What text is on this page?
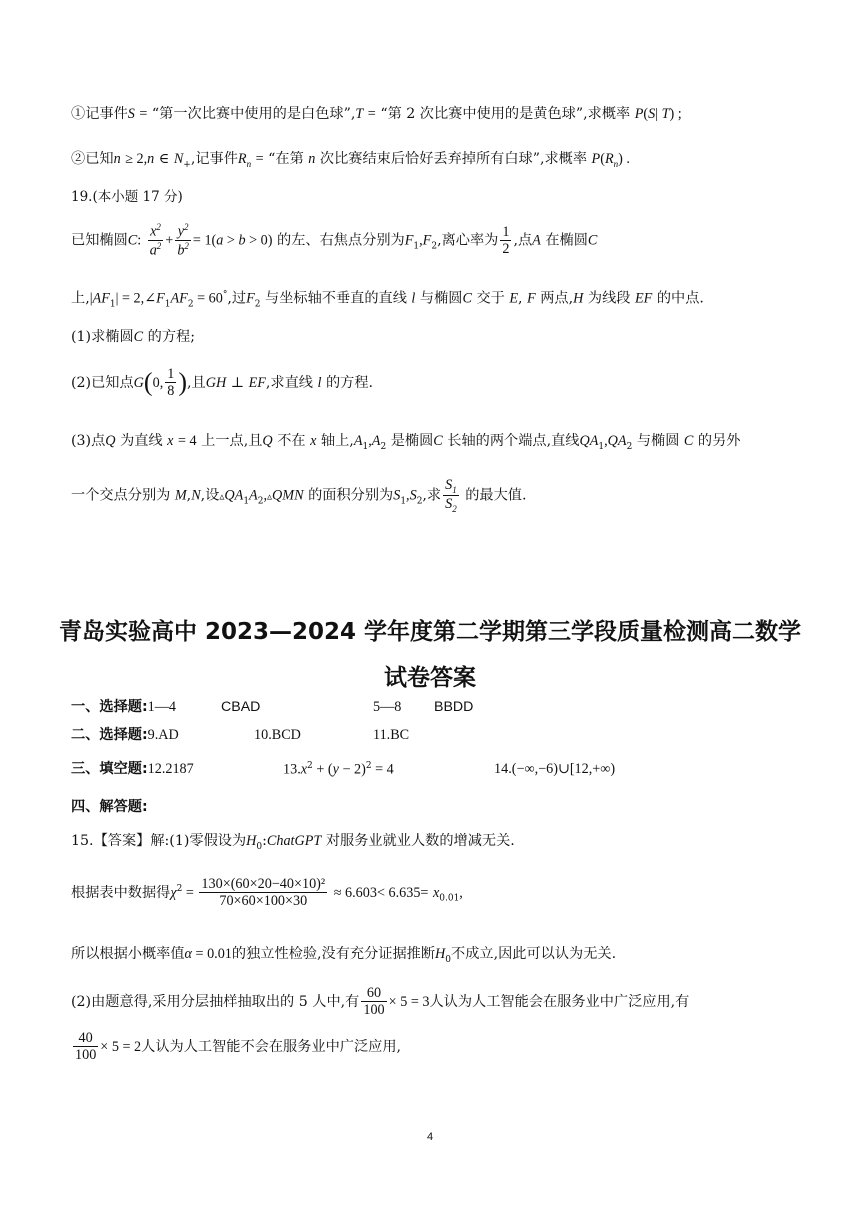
①记事件S = “第一次比赛中使用的是白色球”,T = “第 2 次比赛中使用的是黄色球”,求概率 P(S| T) ;
②已知n ≥ 2,n ∈ $N_+$,记事件$R_n$ = “在第 n 次比赛结束后恰好丢弃掉所有白球”,求概率 $P(R_n)$ .
19.(本小题 17 分)
已知椭圆C: $\frac{x^2}{a^2} + \frac{y^2}{b^2} = 1(a > b > 0)$ 的左、右焦点分别为$F_1,F_2$,离心率为 $\frac{1}{2}$ ,点A 在椭圆C
上$,|AF_1|$ = $2,\angle F_1AF_2 = 60^\circ$,过$F_2$ 与坐标轴不垂直的直线 l 与椭圆C 交于 E, F 两点,H 为线段 EF 的中点.
(1)求椭圆C 的方程;
(2)已知点G(0, $\frac{1}{8}$ ),且GH ⊥ EF,求直线 l 的方程.
(3)点Q 为直线 x = 4 上一点,且Q 不在 x 轴上$,A_1,A_2$ 是椭圆C 长轴的两个端点,直线$QA_1,QA_2$ 与椭圆 C 的另外
一个交点分别为 M,N,设$▵QA_1A_2,▵QMN$ 的面积分别为$S_1,S_2$,求 $\frac{S_1}{S_2}$ 的最大值.
青岛实验高中 2023—2024 学年度第二学期第三学段质量检测高二数学
试卷答案
一、选择题:1—4	CBAD	5—8 BBDD
二、选择题:9.AD	10.BCD	11.BC
三、填空题:12.2187	$13.x^2 + (y - 2)^2 = 4$	14.(−∞,−6)∪[12,+∞)
四、解答题:
15.【答案】解:(1)零假设为$H_0:ChatGPT$ 对服务业就业人数的增减无关.
根据表中数据得$\chi^2 = \frac{\text{130×(60×20−40×10)²}}{70\times 60\times 100\times 30} \approx 6.603< 6.635= x_{0.01}$,
所以根据小概率值α = 0.01的独立性检验,没有充分证据推断$H_0$不成立,因此可以认为无关.
(2)由题意得,采用分层抽样抽取出的 5 人中,有 $\frac{60}{100} \times 5 = 3$人认为人工智能会在服务业中广泛应用,有
$\frac{40}{100} \times 5 = 2$人认为人工智能不会在服务业中广泛应用,
4
